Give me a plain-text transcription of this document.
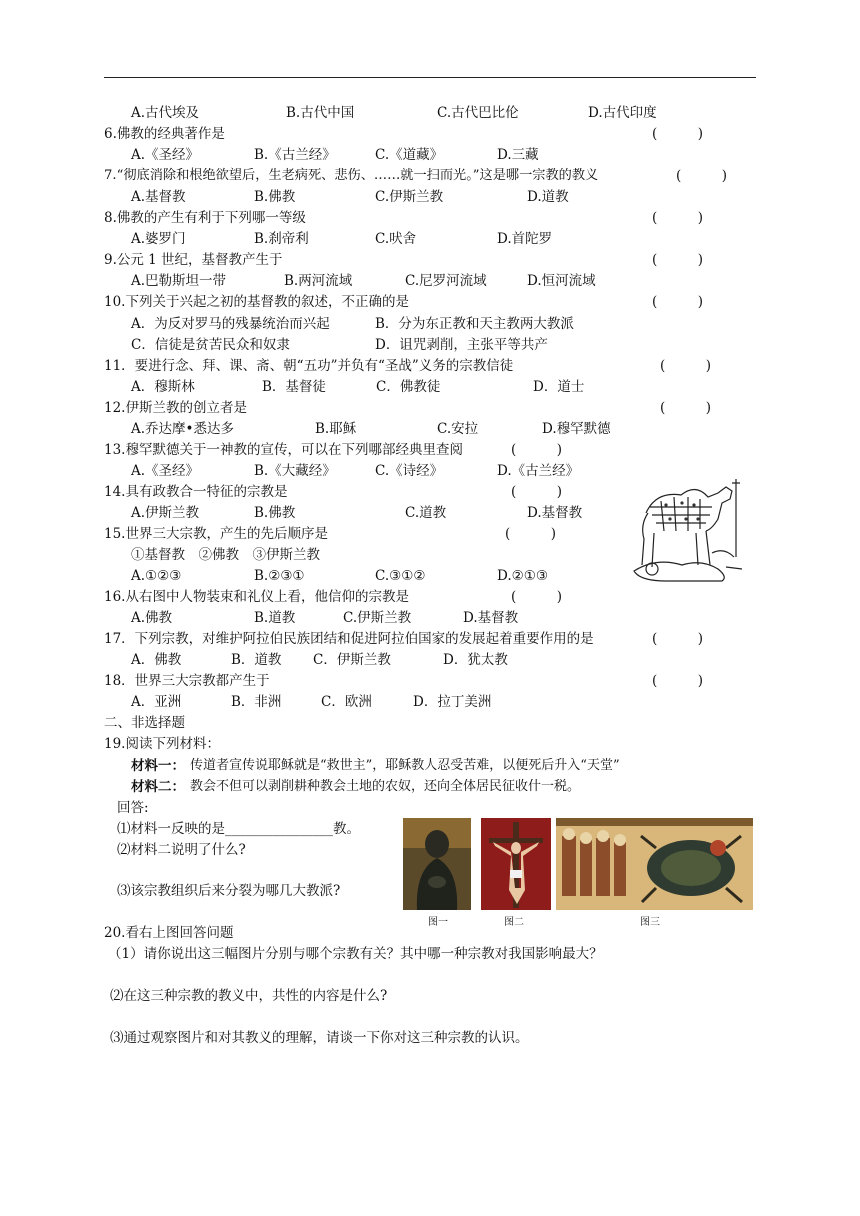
A.古代埃及	B.古代中国	C.古代巴比伦	D.古代印度
6.佛教的经典著作是	(　　　)
A.《圣经》	B.《古兰经》	C.《道藏》	D.三藏
7.“彻底消除和根绝欲望后，生老病死、悲伤、……就一扫而光。”这是哪一宗教的教义	(　　　)
A.基督教	B.佛教	C.伊斯兰教	D.道教
8.佛教的产生有利于下列哪一等级	(　　　)
A.婆罗门	B.刹帝利	C.吠舍	D.首陀罗
9.公元 1 世纪，基督教产生于	(　　　)
A.巴勒斯坦一带	B.两河流域	C.尼罗河流域	D.恒河流域
10.下列关于兴起之初的基督教的叙述，不正确的是	(　　　)
A．为反对罗马的残暴统治而兴起	B．分为东正教和天主教两大教派
C．信徒是贫苦民众和奴隶	D．诅咒剥削，主张平等共产
11．要进行念、拜、课、斋、朝“五功”并负有“圣战”义务的宗教信徒	(　　　)
A．穆斯林	B．基督徒	C．佛教徒	D．道士
12.伊斯兰教的创立者是	(　　　)
A.乔达摩•悉达多	B.耶稣	C.安拉	D.穆罕默德
13.穆罕默德关于一神教的宣传，可以在下列哪部经典里查阅	(　　　)
A.《圣经》	B.《大藏经》	C.《诗经》	D.《古兰经》
14.具有政教合一特征的宗教是	(　　　)
A.伊斯兰教	B.佛教	C.道教	D.基督教
15.世界三大宗教，产生的先后顺序是	(　　　)
①基督教　②佛教　③伊斯兰教
A.①②③	B.②③①	C.③①②	D.②①③
16.从右图中人物装束和礼仪上看，他信仰的宗教是	(　　　)
A.佛教	B.道教	C.伊斯兰教	D.基督教
17．下列宗教，对维护阿拉伯民族团结和促进阿拉伯国家的发展起着重要作用的是	(　　　)
A．佛教	B．道教 C．伊斯兰教	D．犹太教
18．世界三大宗教都产生于	(　　　)
A．亚洲	B．非洲	C．欧洲	D．拉丁美洲
二、非选择题
19.阅读下列材料：
材料一： 传道者宣传说耶稣就是“救世主”，耶稣教人忍受苦难，以便死后升入“天堂”
材料二： 教会不但可以剥削耕种教会土地的农奴，还向全体居民征收什一税。
回答:
⑴材料一反映的是________________教。
⑵材料二说明了什么?
⑶该宗教组织后来分裂为哪几大教派?
图一	图二	图三
20.看右上图回答问题
（1）请你说出这三幅图片分别与哪个宗教有关？其中哪一种宗教对我国影响最大？
⑵在这三种宗教的教义中，共性的内容是什么?
⑶通过观察图片和对其教义的理解，请谈一下你对这三种宗教的认识。
